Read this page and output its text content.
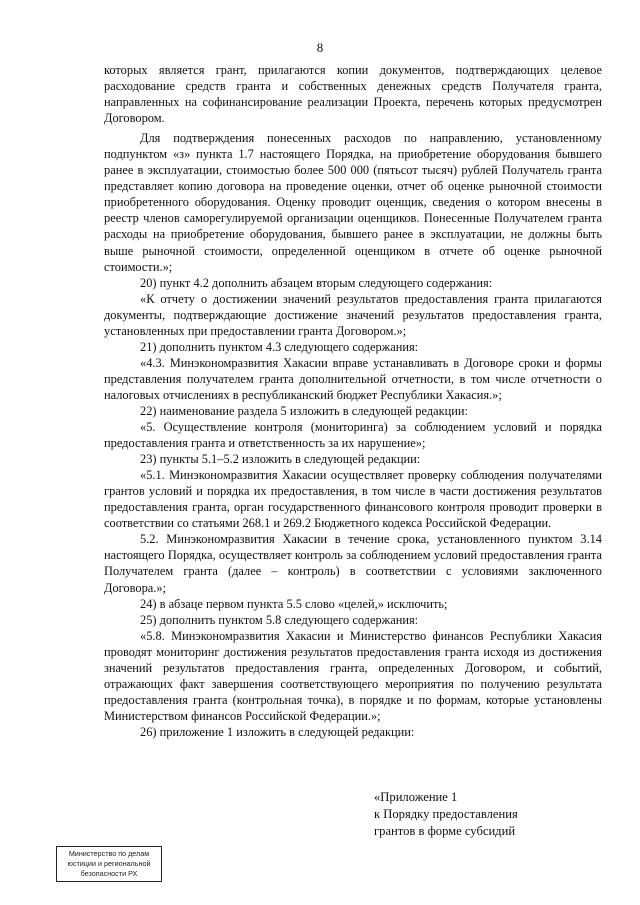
8

которых является грант, прилагаются копии документов, подтверждающих целевое расходование средств гранта и собственных денежных средств Получателя гранта, направленных на софинансирование реализации Проекта, перечень которых предусмотрен Договором.

Для подтверждения понесенных расходов по направлению, установленному подпунктом «з» пункта 1.7 настоящего Порядка, на приобретение оборудования бывшего ранее в эксплуатации, стоимостью более 500 000 (пятьсот тысяч) рублей Получатель гранта представляет копию договора на проведение оценки, отчет об оценке рыночной стоимости приобретенного оборудования. Оценку проводит оценщик, сведения о котором внесены в реестр членов саморегулируемой организации оценщиков. Понесенные Получателем гранта расходы на приобретение оборудования, бывшего ранее в эксплуатации, не должны быть выше рыночной стоимости, определенной оценщиком в отчете об оценке рыночной стоимости.»;

20) пункт 4.2 дополнить абзацем вторым следующего содержания:

«К отчету о достижении значений результатов предоставления гранта прилагаются документы, подтверждающие достижение значений результатов предоставления гранта, установленных при предоставлении гранта Договором.»;

21) дополнить пунктом 4.3 следующего содержания:

«4.3. Минэкономразвития Хакасии вправе устанавливать в Договоре сроки и формы представления получателем гранта дополнительной отчетности, в том числе отчетности о налоговых отчислениях в республиканский бюджет Республики Хакасия.»;

22) наименование раздела 5 изложить в следующей редакции:

«5. Осуществление контроля (мониторинга) за соблюдением условий и порядка предоставления гранта и ответственность за их нарушение»;

23) пункты 5.1–5.2 изложить в следующей редакции:

«5.1. Минэкономразвития Хакасии осуществляет проверку соблюдения получателями грантов условий и порядка их предоставления, в том числе в части достижения результатов предоставления гранта, орган государственного финансового контроля проводит проверки в соответствии со статьями 268.1 и 269.2 Бюджетного кодекса Российской Федерации.

5.2. Минэкономразвития Хакасии в течение срока, установленного пунктом 3.14 настоящего Порядка, осуществляет контроль за соблюдением условий предоставления гранта Получателем гранта (далее – контроль) в соответствии с условиями заключенного Договора.»;

24) в абзаце первом пункта 5.5 слово «целей,» исключить;

25) дополнить пунктом 5.8 следующего содержания:

«5.8. Минэкономразвития Хакасии и Министерство финансов Республики Хакасия проводят мониторинг достижения результатов предоставления гранта исходя из достижения значений результатов предоставления гранта, определенных Договором, и событий, отражающих факт завершения соответствующего мероприятия по получению результата предоставления гранта (контрольная точка), в порядке и по формам, которые установлены Министерством финансов Российской Федерации.»;

26) приложение 1 изложить в следующей редакции:

«Приложение 1
к Порядку предоставления
грантов в форме субсидий
Министерство по делам
юстиции и региональной
безопасности РХ
